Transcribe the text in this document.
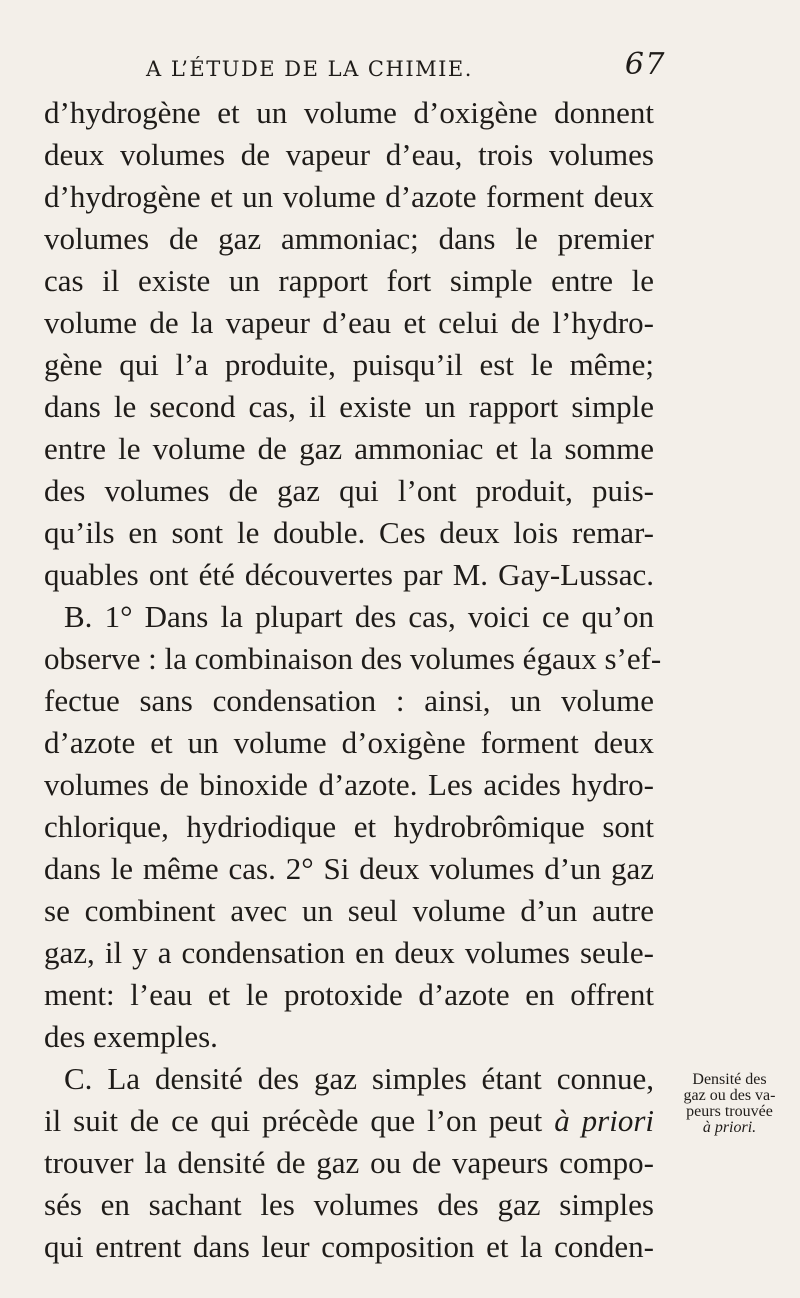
A L’ÉTUDE DE LA CHIMIE.	67
d’hydrogène et un volume d’oxigène donnent
deux volumes de vapeur d’eau, trois volumes
d’hydrogène et un volume d’azote forment deux
volumes de gaz ammoniac; dans le premier
cas il existe un rapport fort simple entre le
volume de la vapeur d’eau et celui de l’hydro-
gène qui l’a produite, puisqu’il est le même;
dans le second cas, il existe un rapport simple
entre le volume de gaz ammoniac et la somme
des volumes de gaz qui l’ont produit, puis-
qu’ils en sont le double. Ces deux lois remar-
quables ont été découvertes par M. Gay-Lussac.
B. 1° Dans la plupart des cas, voici ce qu’on
observe : la combinaison des volumes égaux s’ef-
fectue sans condensation : ainsi, un volume
d’azote et un volume d’oxigène forment deux
volumes de binoxide d’azote. Les acides hydro-
chlorique, hydriodique et hydrobrômique sont
dans le même cas. 2° Si deux volumes d’un gaz
se combinent avec un seul volume d’un autre
gaz, il y a condensation en deux volumes seule-
ment: l’eau et le protoxide d’azote en offrent
des exemples.
C. La densité des gaz simples étant connue,
il suit de ce qui précède que l’on peut à priori
trouver la densité de gaz ou de vapeurs compo-
sés en sachant les volumes des gaz simples
qui entrent dans leur composition et la conden-
Densité des
gaz ou des va-
peurs trouvée
à priori.
